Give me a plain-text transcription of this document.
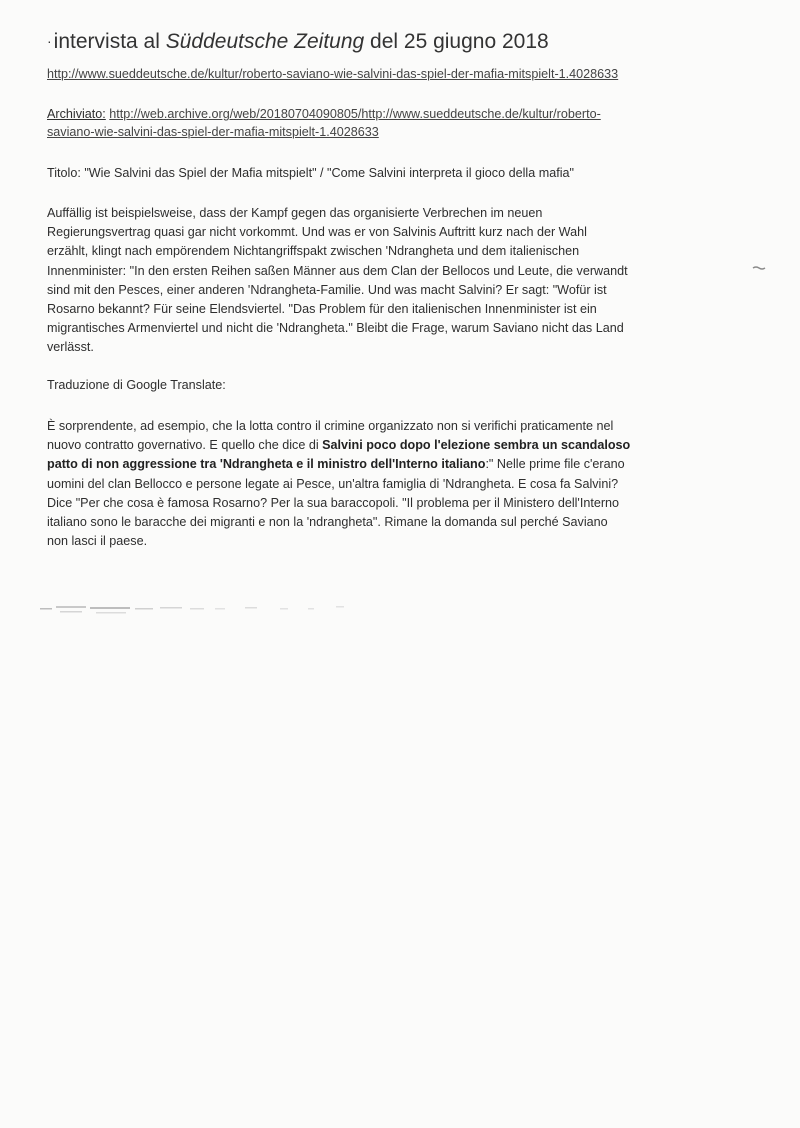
·intervista al Süddeutsche Zeitung del 25 giugno 2018
http://www.sueddeutsche.de/kultur/roberto-saviano-wie-salvini-das-spiel-der-mafia-mitspielt-1.4028633
Archiviato: http://web.archive.org/web/20180704090805/http://www.sueddeutsche.de/kultur/roberto-
saviano-wie-salvini-das-spiel-der-mafia-mitspielt-1.4028633
Titolo: "Wie Salvini das Spiel der Mafia mitspielt" / "Come Salvini interpreta il gioco della mafia"
Auffällig ist beispielsweise, dass der Kampf gegen das organisierte Verbrechen im neuen
Regierungsvertrag quasi gar nicht vorkommt. Und was er von Salvinis Auftritt kurz nach der Wahl
erzählt, klingt nach empörendem Nichtangriffspakt zwischen 'Ndrangheta und dem italienischen
Innenminister: "In den ersten Reihen saßen Männer aus dem Clan der Bellocos und Leute, die verwandt
sind mit den Pesces, einer anderen 'Ndrangheta-Familie. Und was macht Salvini? Er sagt: "Wofür ist
Rosarno bekannt? Für seine Elendsviertel. "Das Problem für den italienischen Innenminister ist ein
migrantisches Armenviertel und nicht die 'Ndrangheta." Bleibt die Frage, warum Saviano nicht das Land
verlässt.
Traduzione di Google Translate:
È sorprendente, ad esempio, che la lotta contro il crimine organizzato non si verifichi praticamente nel
nuovo contratto governativo. E quello che dice di Salvini poco dopo l'elezione sembra un scandaloso
patto di non aggressione tra 'Ndrangheta e il ministro dell'Interno italiano:" Nelle prime file c'erano
uomini del clan Bellocco e persone legate ai Pesce, un'altra famiglia di 'Ndrangheta. E cosa fa Salvini?
Dice "Per che cosa è famosa Rosarno? Per la sua baraccopoli. "Il problema per il Ministero dell'Interno
italiano sono le baracche dei migranti e non la 'ndrangheta". Rimane la domanda sul perché Saviano
non lasci il paese.
